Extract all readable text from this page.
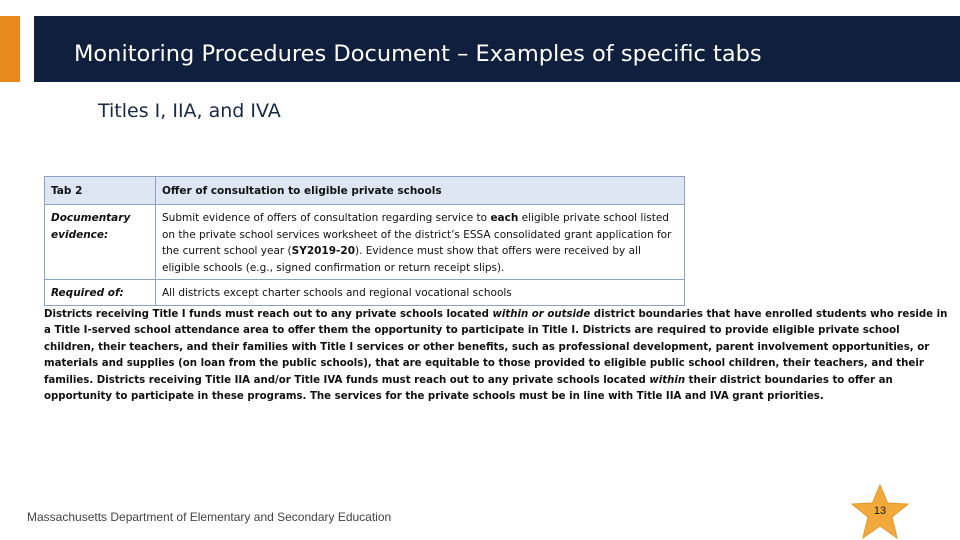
Monitoring Procedures Document – Examples of specific tabs
Titles I, IIA, and IVA
Tab 2	Offer of consultation to eligible private schools
Documentary evidence:	Submit evidence of offers of consultation regarding service to each eligible private school listed on the private school services worksheet of the district’s ESSA consolidated grant application for the current school year (SY2019-20). Evidence must show that offers were received by all eligible schools (e.g., signed confirmation or return receipt slips).
Required of:	All districts except charter schools and regional vocational schools
Districts receiving Title I funds must reach out to any private schools located within or outside district boundaries that have enrolled students who reside in a Title I-served school attendance area to offer them the opportunity to participate in Title I. Districts are required to provide eligible private school children, their teachers, and their families with Title I services or other benefits, such as professional development, parent involvement opportunities, or materials and supplies (on loan from the public schools), that are equitable to those provided to eligible public school children, their teachers, and their families. Districts receiving Title IIA and/or Title IVA funds must reach out to any private schools located within their district boundaries to offer an opportunity to participate in these programs. The services for the private schools must be in line with Title IIA and IVA grant priorities.
Massachusetts Department of Elementary and Secondary Education	13
